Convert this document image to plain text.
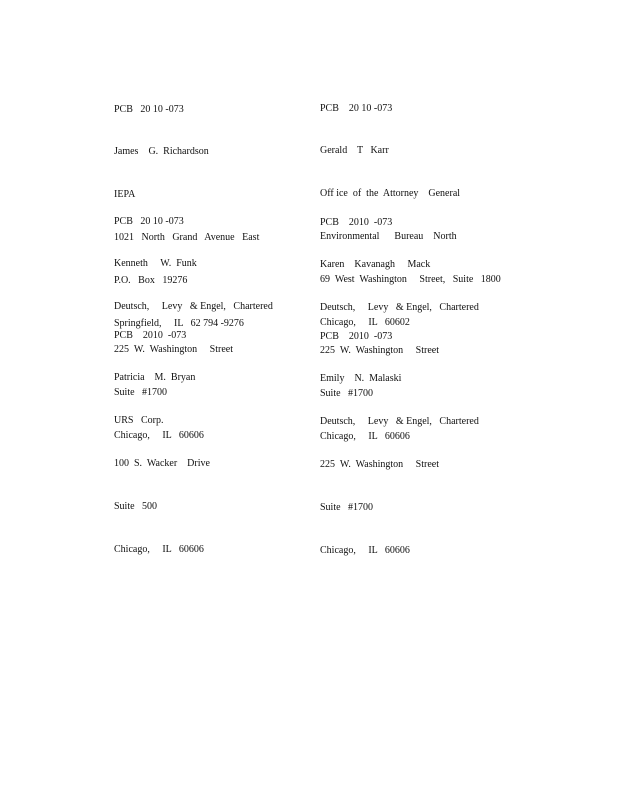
PCB   20 10 -073

James    G.  Richardson

IEPA

1021   North   Grand   Avenue   East

P.O.   Box   19276

Springfield,     IL   62 794 -9276

PCB    20 10 -073

Gerald    T   Karr

Off ice  of  the  Attorney    General

Environmental      Bureau    North

69  West  Washington     Street,   Suite   1800

Chicago,     IL   60602

PCB   20 10 -073

Kenneth     W.  Funk

Deutsch,     Levy   & Engel,   Chartered

225  W.  Washington     Street

Suite   #1700

Chicago,     IL   60606

PCB    2010  -073

Karen    Kavanagh     Mack

Deutsch,     Levy   & Engel,   Chartered

225  W.  Washington     Street

Suite   #1700

Chicago,     IL   60606

PCB    2010  -073

Patricia    M.  Bryan

URS   Corp.

100  S.  Wacker    Drive

Suite   500

Chicago,     IL   60606

PCB    2010  -073

Emily    N.  Malaski

Deutsch,     Levy   & Engel,   Chartered

225  W.  Washington     Street

Suite   #1700

Chicago,     IL   60606
